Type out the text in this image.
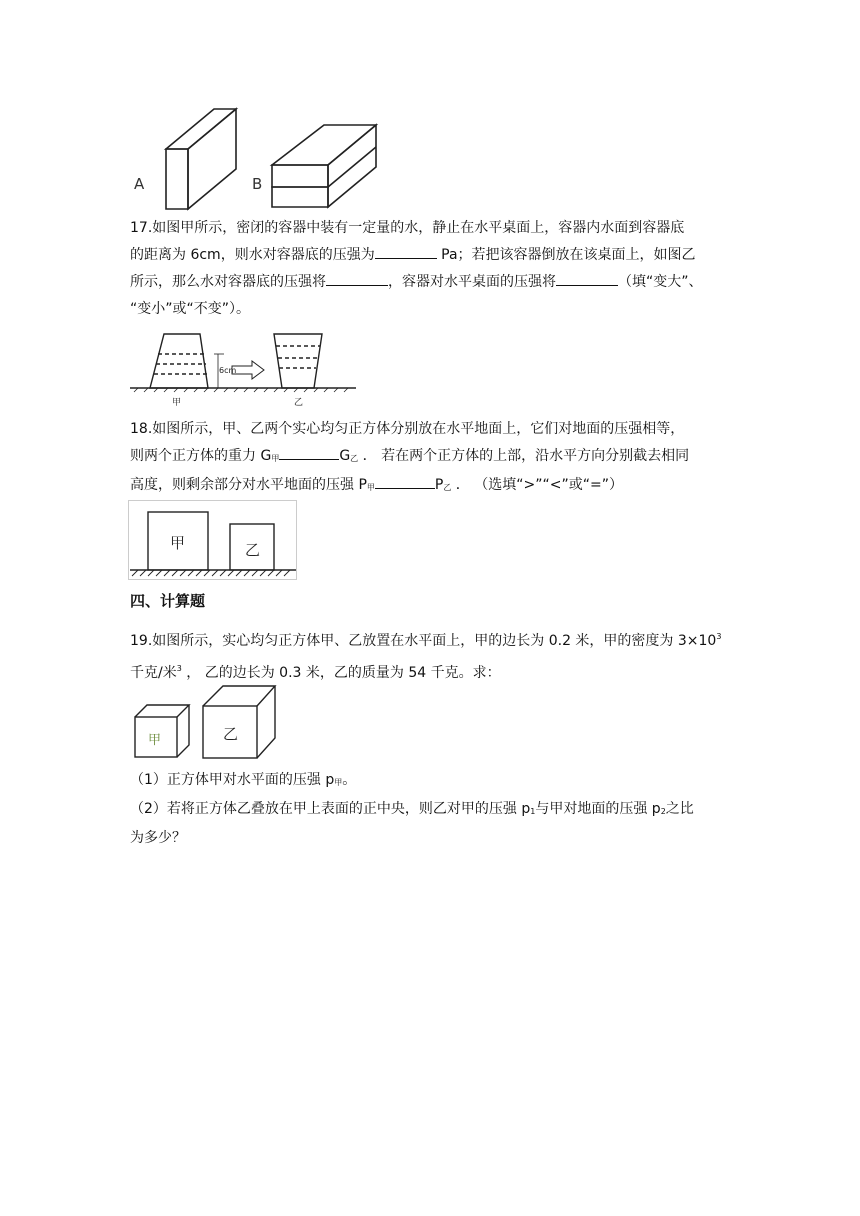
A	B

17.如图甲所示，密闭的容器中装有一定量的水，静止在水平桌面上，容器内水面到容器底

的距离为 6cm，则水对容器底的压强为	Pa；若把该容器倒放在该桌面上，如图乙

所示，那么水对容器底的压强将	，容器对水平桌面的压强将	（填“变大”、

“变小”或“不变”）。

6cm
甲	乙

18.如图所示，甲、乙两个实心均匀正方体分别放在水平地面上，它们对地面的压强相等，

则两个正方体的重力 G甲	G乙 ． 若在两个正方体的上部，沿水平方向分别截去相同

高度，则剩余部分对水平地面的压强 P甲	P乙 ． （选填“>”“<”或“=”）

甲	乙
四、计算题

19.如图所示，实心均匀正方体甲、乙放置在水平面上，甲的边长为 0.2 米，甲的密度为 $3\times 10^3$

千克/米$^3$ ， 乙的边长为 0.3 米，乙的质量为 54 千克。求：

甲	乙

（1）正方体甲对水平面的压强 p甲。

（2）若将正方体乙叠放在甲上表面的正中央，则乙对甲的压强 p1与甲对地面的压强 p2之比

为多少？
